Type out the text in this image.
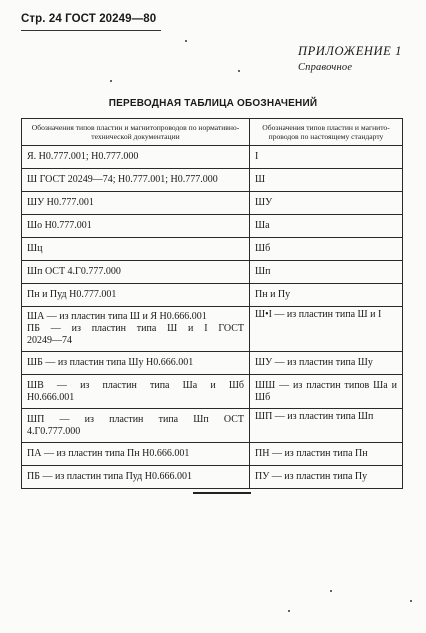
Стр. 24 ГОСТ 20249—80
ПРИЛОЖЕНИЕ 1
Справочное
ПЕРЕВОДНАЯ ТАБЛИЦА ОБОЗНАЧЕНИЙ
Обозначения типов пластин и магнитопроводов по нормативно-технической документации	Обозначения типов пластин и магнито-проводов по настоящему стандарту

Я. Н0.777.001; Н0.777.000	I

Ш ГОСТ 20249—74; Н0.777.001; Н0.777.000	Ш

ШУ Н0.777.001	ШУ

Шо Н0.777.001	Ша

Шц	Шб

Шп ОСТ 4.Г0.777.000	Шп

Пн и Пуд Н0.777.001	Пн и Пу

ША — из пластин типа Ш и Я Н0.666.001
ПБ — из пластин типа Ш и I ГОСТ
20249—74	Ш•I — из пластин типа Ш и I

ШБ — из пластин типа Шу Н0.666.001	ШУ — из пластин типа Шу

ШВ — из пластин типа Ша и Шб
Н0.666.001	ШШ — из пластин типов Ша и
Шб

ШП — из пластин типа Шп ОСТ
4.Г0.777.000	ШП — из пластин типа Шп

ПА — из пластин типа Пн Н0.666.001	ПН — из пластин типа Пн

ПБ — из пластин типа Пуд Н0.666.001	ПУ — из пластин типа Пу
